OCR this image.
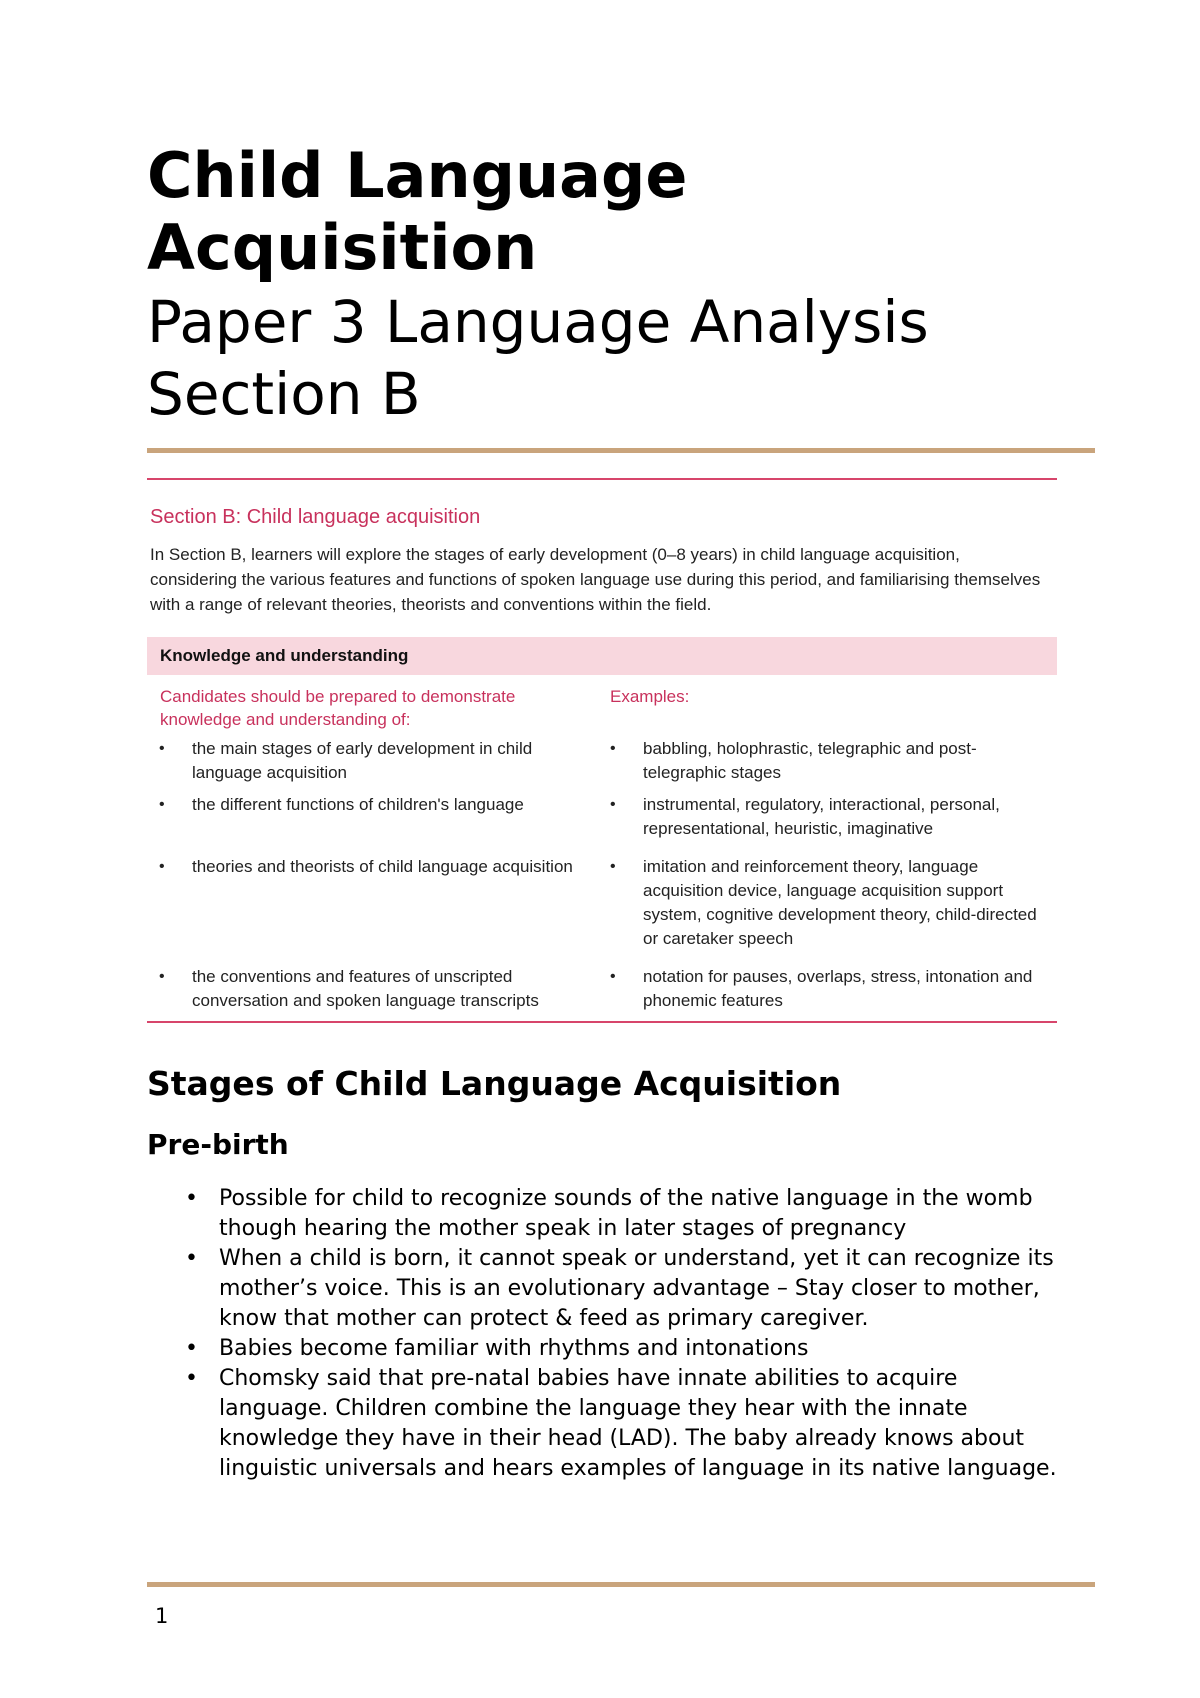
Child Language
Acquisition
Paper 3 Language Analysis
Section B
Section B: Child language acquisition
In Section B, learners will explore the stages of early development (0–8 years) in child language acquisition, considering the various features and functions of spoken language use during this period, and familiarising themselves with a range of relevant theories, theorists and conventions within the field.
Knowledge and understanding
Candidates should be prepared to demonstrate knowledge and understanding of:
Examples:
• the main stages of early development in child language acquisition
• babbling, holophrastic, telegraphic and post-telegraphic stages
• the different functions of children's language	• instrumental, regulatory, interactional, personal, representational, heuristic, imaginative
• theories and theorists of child language acquisition	• imitation and reinforcement theory, language acquisition device, language acquisition support system, cognitive development theory, child-directed or caretaker speech
• the conventions and features of unscripted conversation and spoken language transcripts
• notation for pauses, overlaps, stress, intonation and phonemic features
Stages of Child Language Acquisition
Pre-birth
• Possible for child to recognize sounds of the native language in the womb though hearing the mother speak in later stages of pregnancy
• When a child is born, it cannot speak or understand, yet it can recognize its mother’s voice. This is an evolutionary advantage – Stay closer to mother, know that mother can protect & feed as primary caregiver.
• Babies become familiar with rhythms and intonations
• Chomsky said that pre-natal babies have innate abilities to acquire language. Children combine the language they hear with the innate knowledge they have in their head (LAD). The baby already knows about linguistic universals and hears examples of language in its native language.
1
